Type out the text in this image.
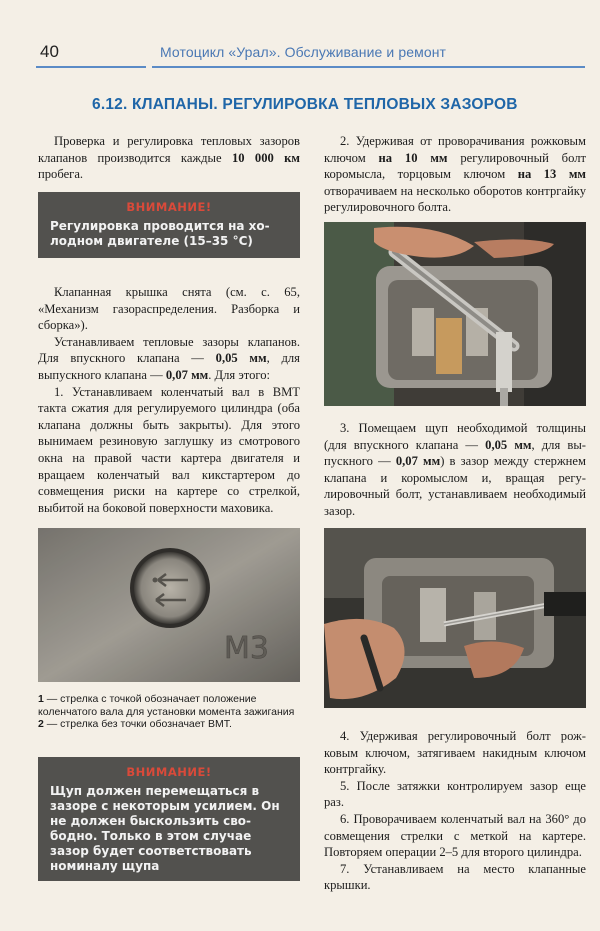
40	Мотоцикл «Урал». Обслуживание и ремонт
6.12. КЛАПАНЫ. РЕГУЛИРОВКА ТЕПЛОВЫХ ЗАЗОРОВ

Проверка и регулировка тепловых зазоров клапанов производится каждые 10 000 км пробега.

ВНИМАНИЕ!
Регулировка проводится на холодном двигателе (15–35 °С)

Клапанная крышка снята (см. с. 65, «Механизм газораспределения. Разборка и сборка»).

Устанавливаем тепловые зазоры клапанов. Для впускного клапана — 0,05 мм, для выпускного клапана — 0,07 мм. Для этого:

1. Устанавливаем коленчатый вал в ВМТ такта сжатия для регулируемого цилиндра (оба клапана должны быть закрыты). Для этого вынимаем резиновую заглушку из смотрового окна на правой части картера двигателя и вращаем коленчатый вал кикстартером до совмещения риски на картере со стрелкой, выбитой на боковой поверхности маховика.

М3
1 — стрелка с точкой обозначает положение коленчатого вала для установки момента зажигания
2 — стрелка без точки обозначает ВМТ.
ВНИМАНИЕ!
Щуп должен перемещаться в зазоре с некоторым усилием. Он не должен быскользить свободно. Только в этом случае зазор будет соответствовать номиналу щупа

2. Удерживая от проворачивания рожковым ключом на 10 мм регулировочный болт коромысла, торцовым ключом на 13 мм отворачиваем на несколько оборотов контргайку регулировочного болта.

3. Помещаем щуп необходимой толщины (для впускного клапана — 0,05 мм, для выпускного — 0,07 мм) в зазор между стержнем клапана и коромыслом и, вращая регулировочный болт, устанавливаем необходимый зазор.

4. Удерживая регулировочный болт рожковым ключом, затягиваем накидным ключом контргайку.

5. После затяжки контролируем зазор еще раз.

6. Проворачиваем коленчатый вал на 360° до совмещения стрелки с меткой на картере. Повторяем операции 2–5 для второго цилиндра.

7. Устанавливаем на место клапанные крышки.
